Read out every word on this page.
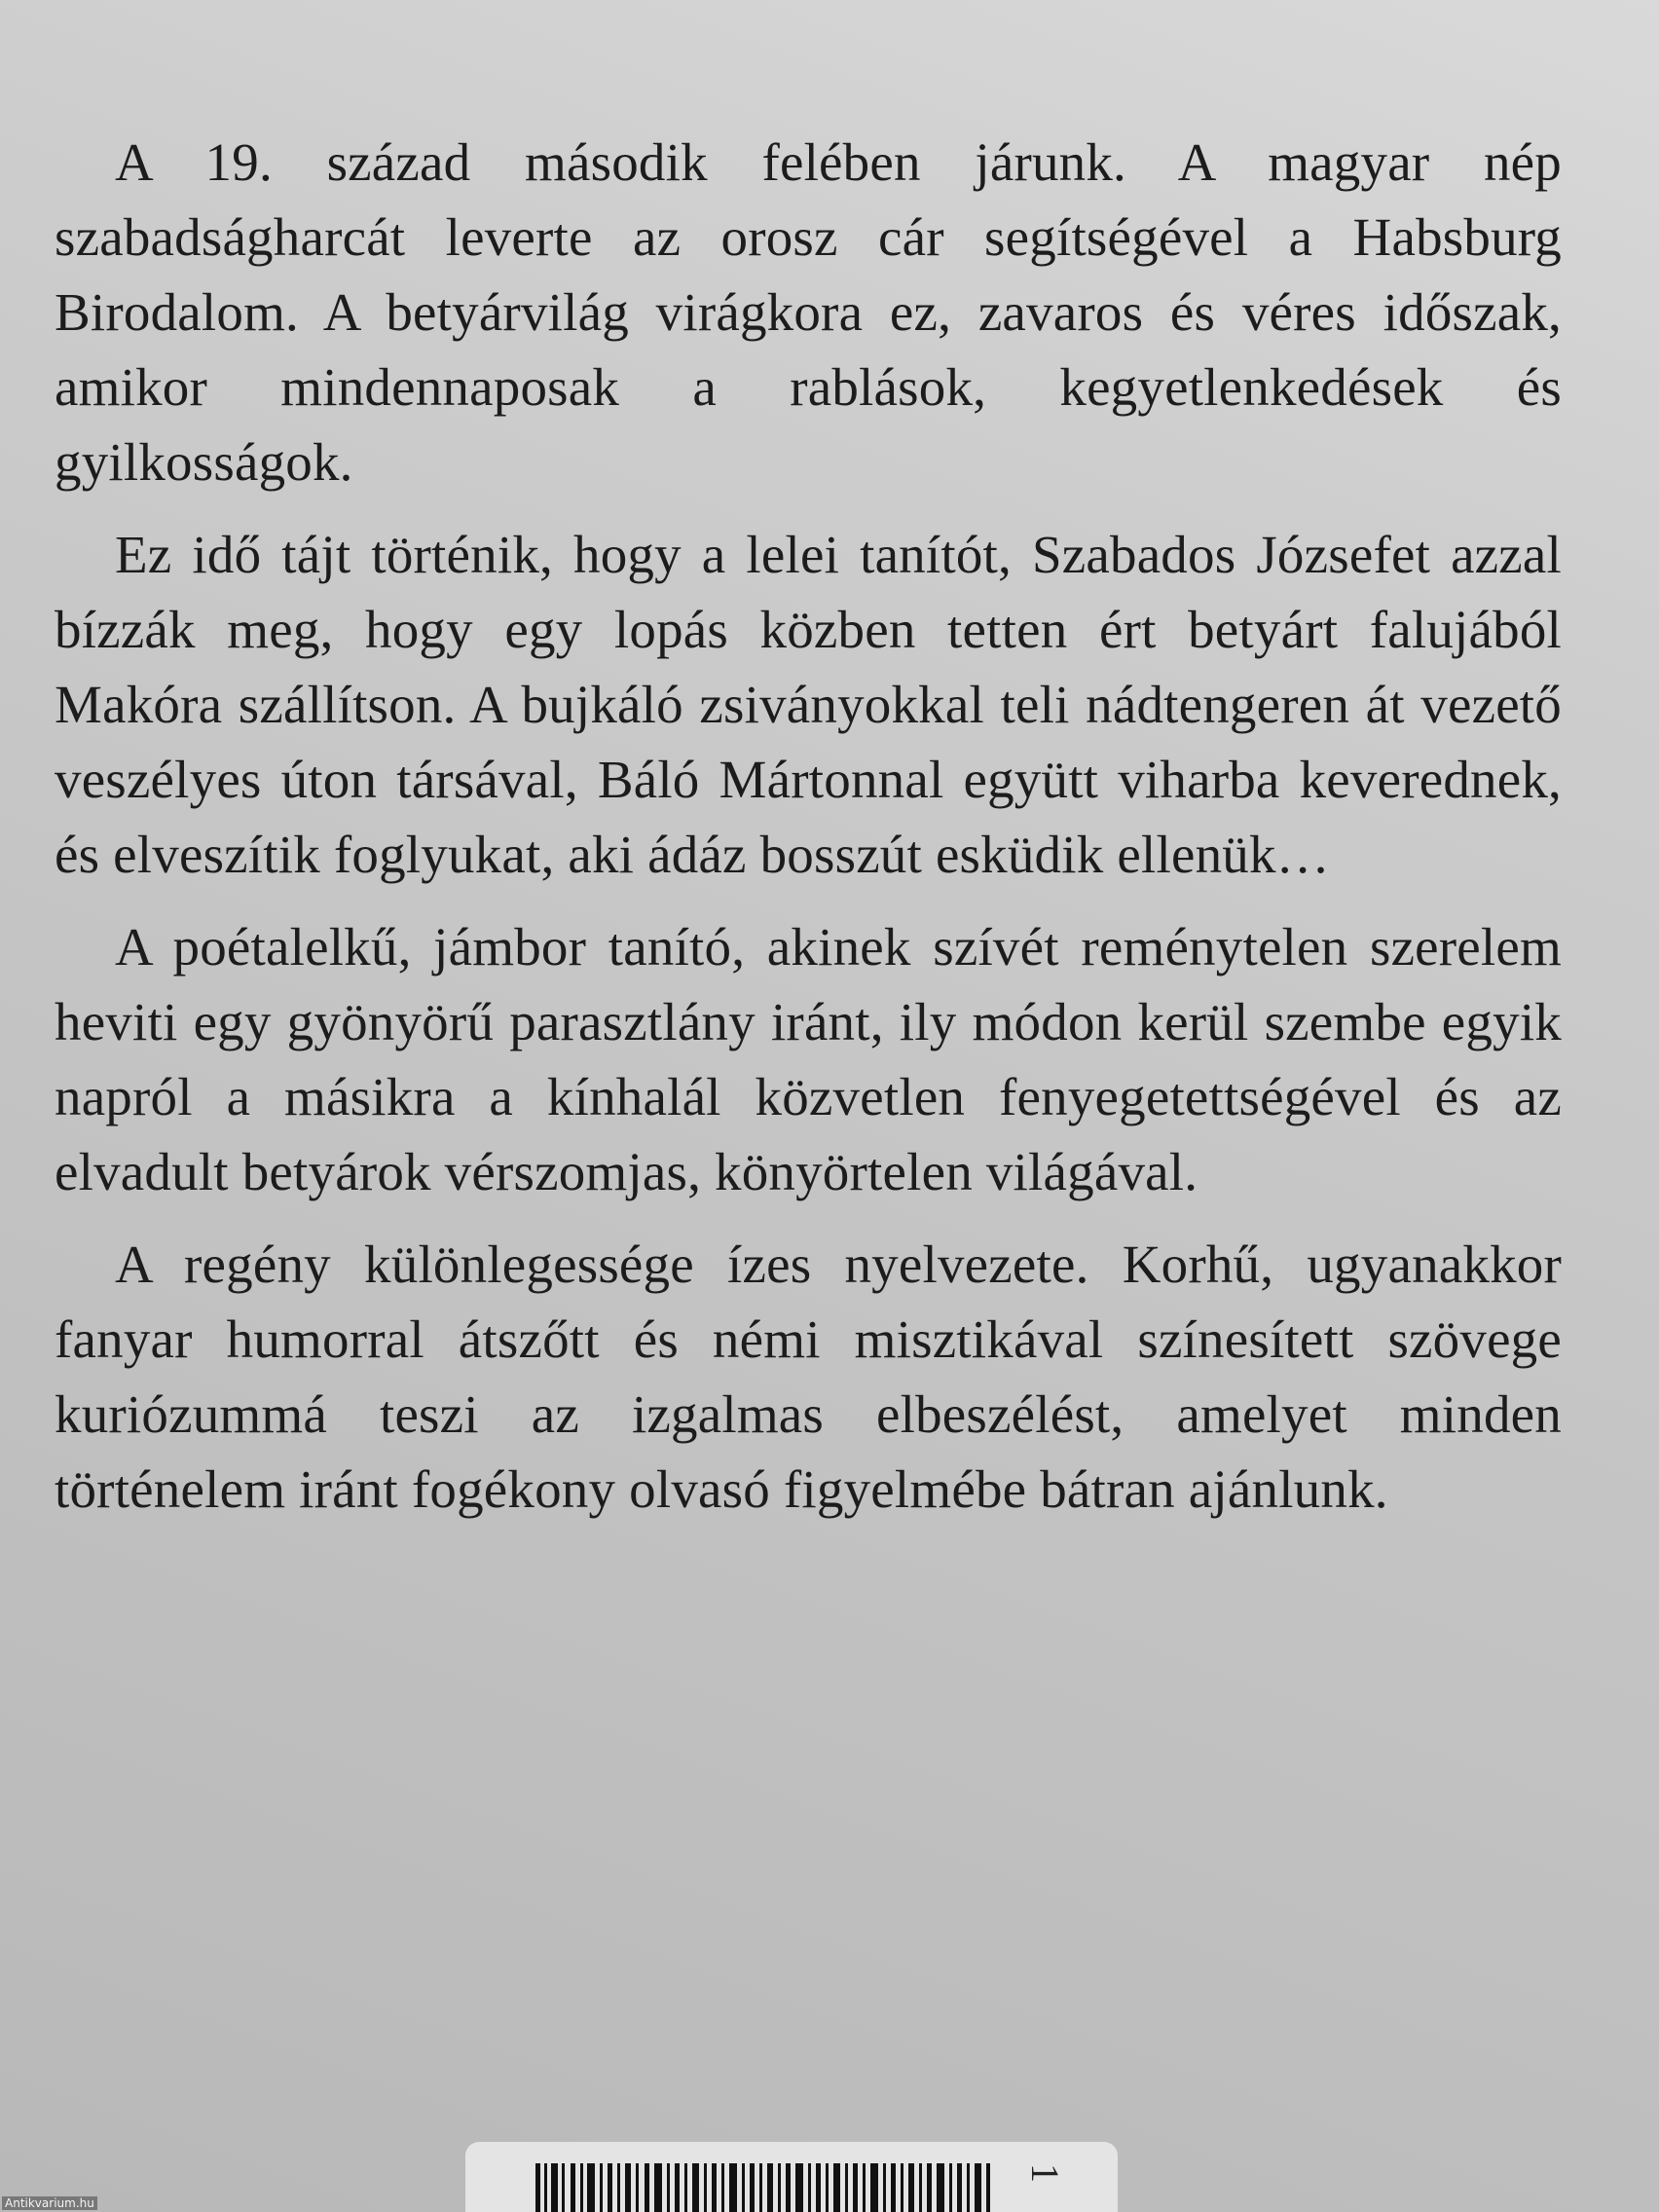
A 19. század második felében járunk. A magyar nép szabadságharcát leverte az orosz cár segítségével a Habsburg Birodalom. A betyárvilág virágkora ez, zavaros és véres időszak, amikor mindennaposak a rablások, kegyetlenkedések és gyilkosságok.

Ez idő tájt történik, hogy a lelei tanítót, Szabados Józsefet azzal bízzák meg, hogy egy lopás közben tetten ért betyárt falujából Makóra szállítson. A bujkáló zsiványokkal teli nádtengeren át vezető veszélyes úton társával, Báló Mártonnal együtt viharba keverednek, és elveszítik foglyukat, aki ádáz bosszút esküdik ellenük…

A poétalelkű, jámbor tanító, akinek szívét reménytelen szerelem heviti egy gyönyörű parasztlány iránt, ily módon kerül szembe egyik napról a másikra a kínhalál közvetlen fenyegetettségével és az elvadult betyárok vérszomjas, könyörtelen világával.

A regény különlegessége ízes nyelvezete. Korhű, ugyanakkor fanyar humorral átszőtt és némi misztikával színesített szövege kuriózummá teszi az izgalmas elbeszélést, amelyet minden történelem iránt fogékony olvasó figyelmébe bátran ajánlunk.

1
Antikvarium.hu
